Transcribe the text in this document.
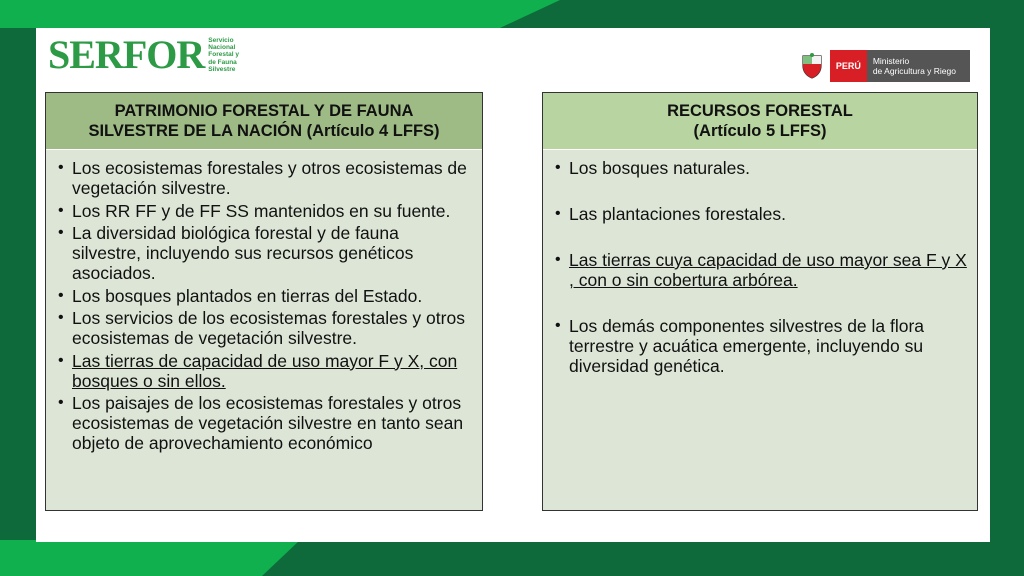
SERFOR Servicio
Nacional
Forestal y
de Fauna
Silvestre	PERÚ	Ministerio
de Agricultura y Riego
PATRIMONIO FORESTAL Y DE FAUNA
SILVESTRE DE LA NACIÓN (Artículo 4 LFFS)
• Los ecosistemas forestales y otros ecosistemas de vegetación silvestre.
• Los RR FF y de FF SS mantenidos en su fuente.
• La diversidad biológica forestal y de fauna silvestre, incluyendo sus recursos genéticos asociados.
• Los bosques plantados en tierras del Estado.
• Los servicios de los ecosistemas forestales y otros ecosistemas de vegetación silvestre.
• Las tierras de capacidad de uso mayor F y X, con bosques o sin ellos.
• Los paisajes de los ecosistemas forestales y otros ecosistemas de vegetación silvestre en tanto sean objeto de aprovechamiento económico
RECURSOS FORESTAL
(Artículo 5 LFFS)
• Los bosques naturales.
• Las plantaciones forestales.
• Las tierras cuya capacidad de uso mayor sea F y X , con o sin cobertura arbórea.
• Los demás componentes silvestres de la flora terrestre y acuática emergente, incluyendo su diversidad genética.
